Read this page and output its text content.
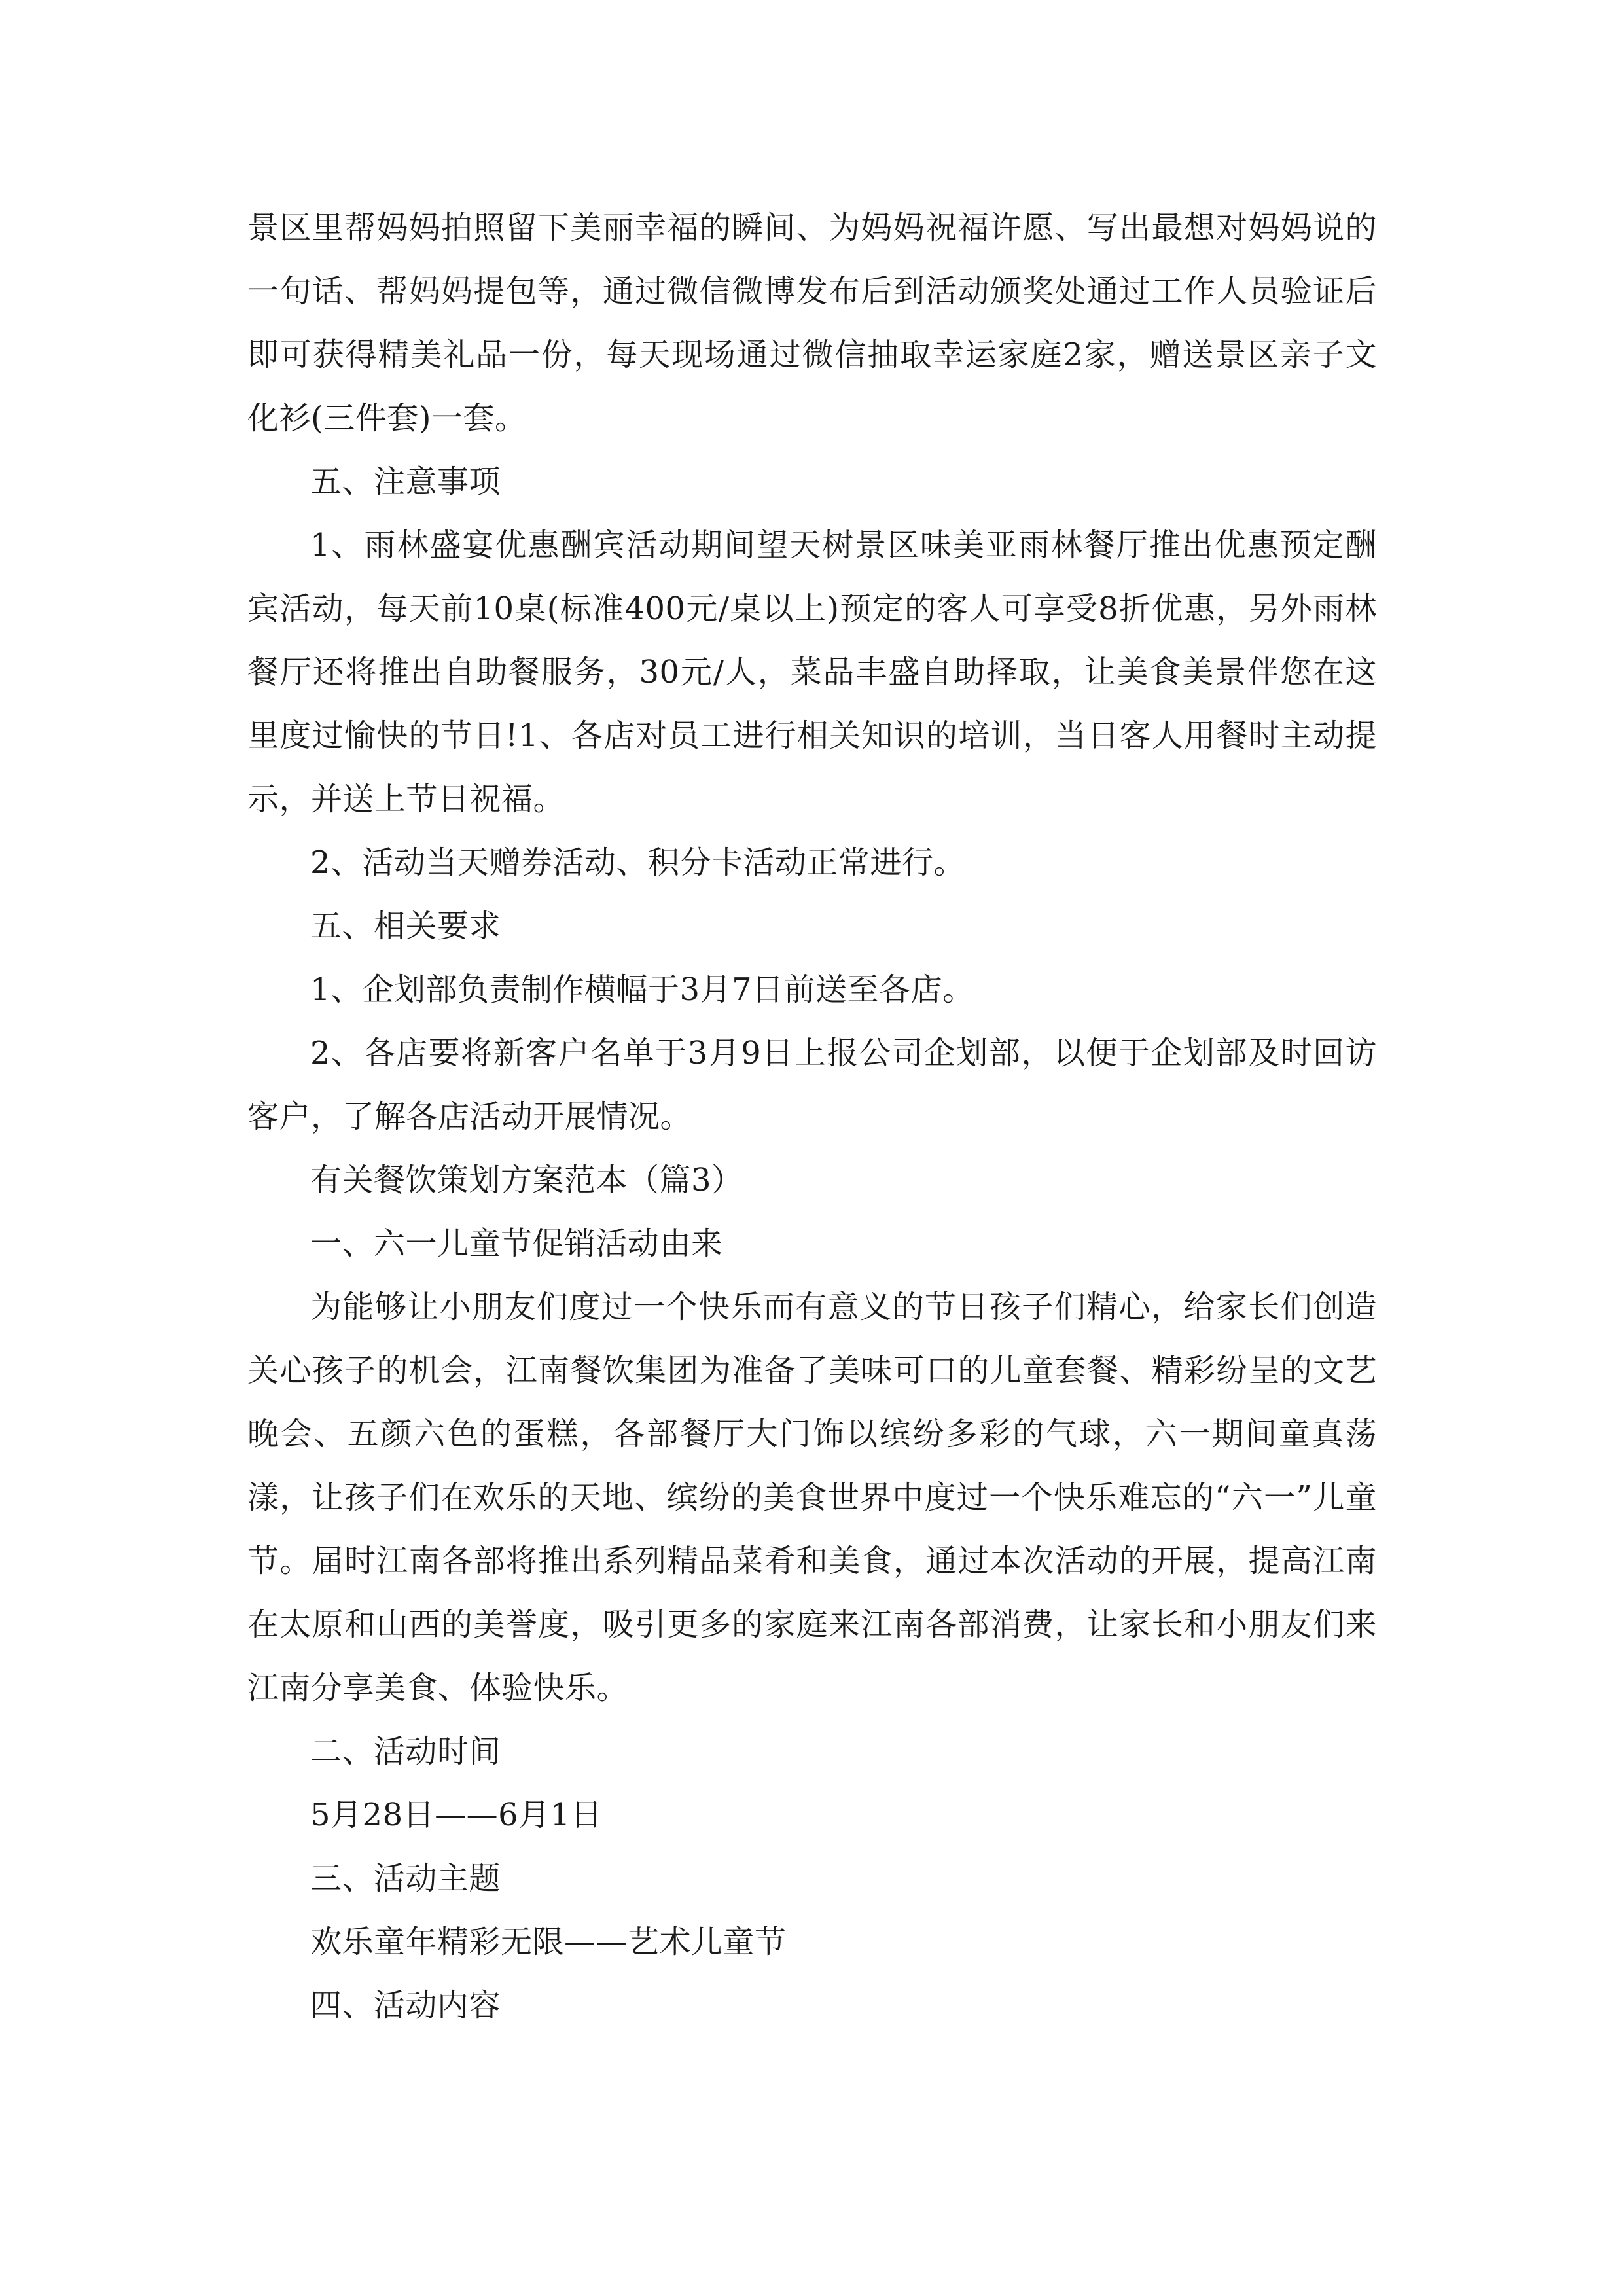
景区里帮妈妈拍照留下美丽幸福的瞬间、为妈妈祝福许愿、写出最想对妈妈说的一句话、帮妈妈提包等，通过微信微博发布后到活动颁奖处通过工作人员验证后即可获得精美礼品一份，每天现场通过微信抽取幸运家庭2家，赠送景区亲子文化衫(三件套)一套。

五、注意事项

1、雨林盛宴优惠酬宾活动期间望天树景区味美亚雨林餐厅推出优惠预定酬宾活动，每天前10桌(标准400元/桌以上)预定的客人可享受8折优惠，另外雨林餐厅还将推出自助餐服务，30元/人，菜品丰盛自助择取，让美食美景伴您在这里度过愉快的节日!1、各店对员工进行相关知识的培训，当日客人用餐时主动提示，并送上节日祝福。

2、活动当天赠券活动、积分卡活动正常进行。

五、相关要求

1、企划部负责制作横幅于3月7日前送至各店。

2、各店要将新客户名单于3月9日上报公司企划部，以便于企划部及时回访客户，了解各店活动开展情况。

有关餐饮策划方案范本（篇3）

一、六一儿童节促销活动由来

为能够让小朋友们度过一个快乐而有意义的节日孩子们精心，给家长们创造关心孩子的机会，江南餐饮集团为准备了美味可口的儿童套餐、精彩纷呈的文艺晚会、五颜六色的蛋糕，各部餐厅大门饰以缤纷多彩的气球，六一期间童真荡漾，让孩子们在欢乐的天地、缤纷的美食世界中度过一个快乐难忘的“六一”儿童节。届时江南各部将推出系列精品菜肴和美食，通过本次活动的开展，提高江南在太原和山西的美誉度，吸引更多的家庭来江南各部消费，让家长和小朋友们来江南分享美食、体验快乐。

二、活动时间

5月28日——6月1日

三、活动主题

欢乐童年精彩无限——艺术儿童节

四、活动内容
